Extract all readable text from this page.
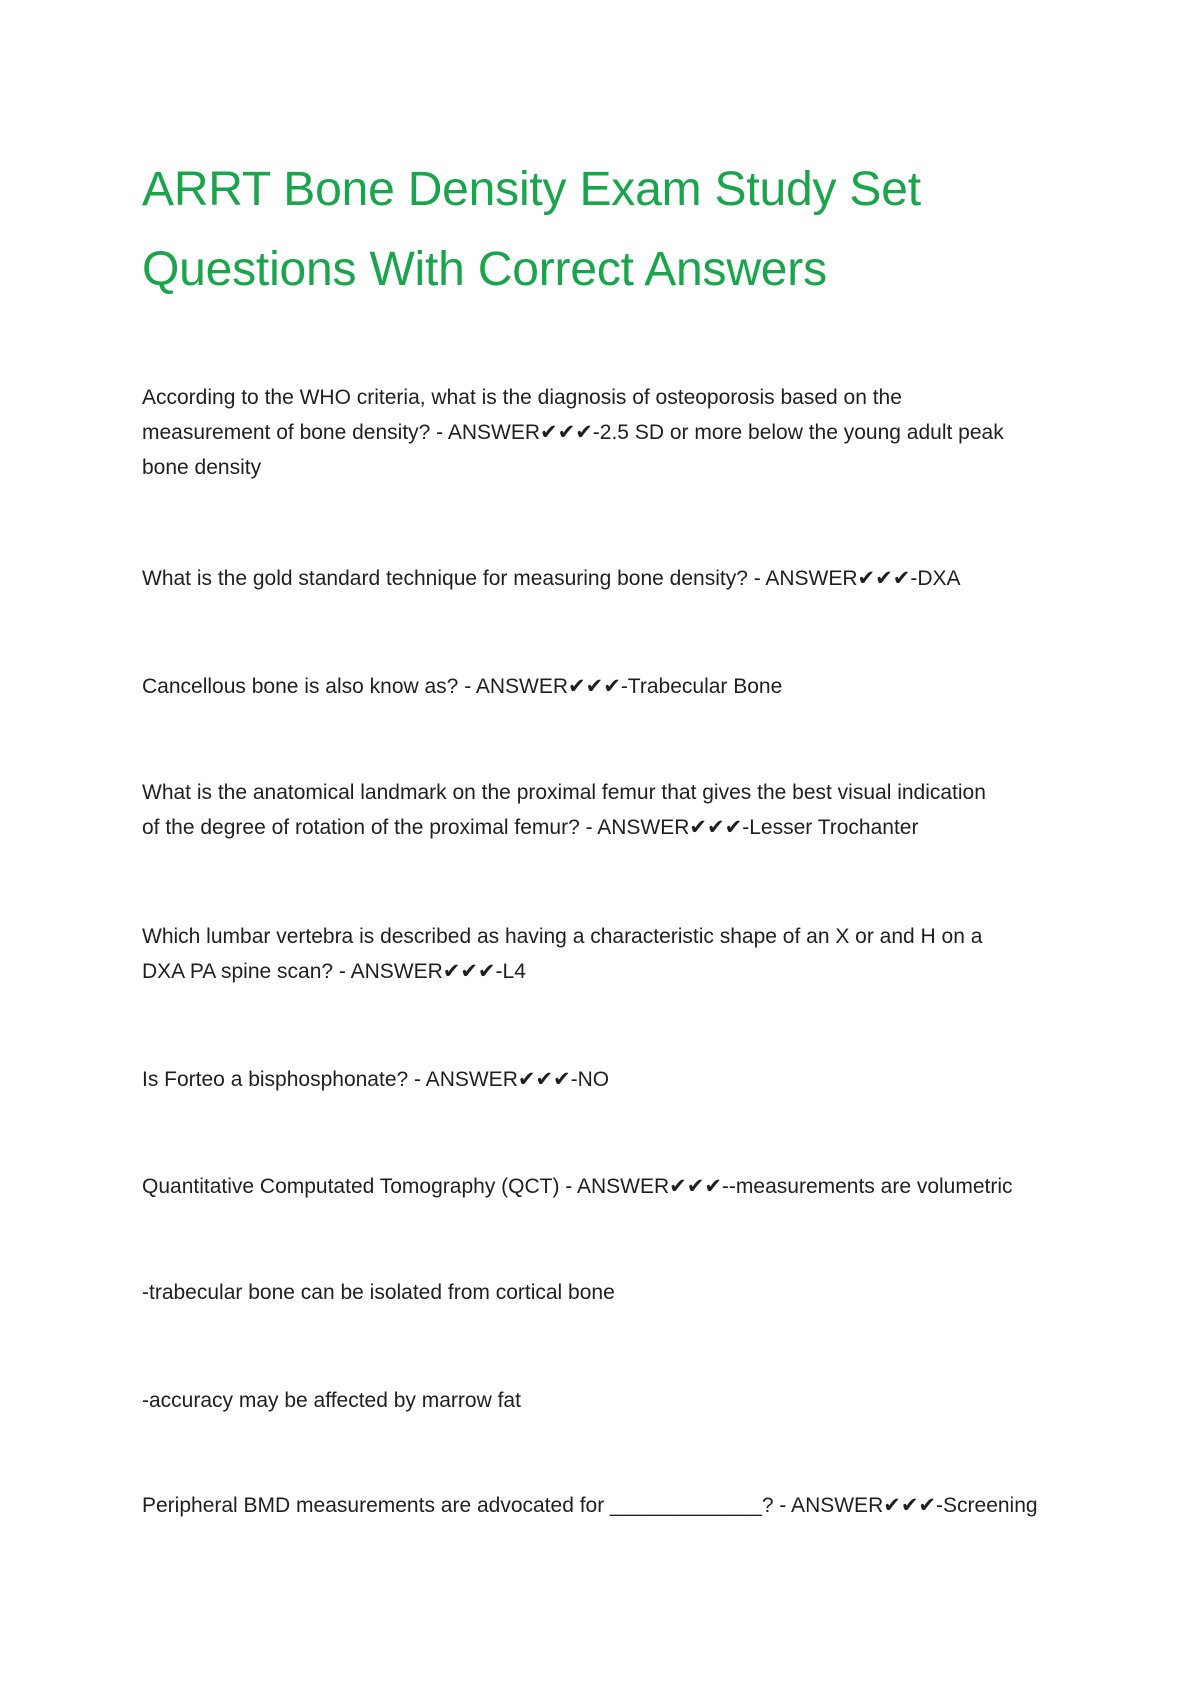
ARRT Bone Density Exam Study Set
Questions With Correct Answers

According to the WHO criteria, what is the diagnosis of osteoporosis based on the
measurement of bone density? - ANSWER✔✔✔-2.5 SD or more below the young adult peak
bone density

What is the gold standard technique for measuring bone density? - ANSWER✔✔✔-DXA

Cancellous bone is also know as? - ANSWER✔✔✔-Trabecular Bone

What is the anatomical landmark on the proximal femur that gives the best visual indication
of the degree of rotation of the proximal femur? - ANSWER✔✔✔-Lesser Trochanter

Which lumbar vertebra is described as having a characteristic shape of an X or and H on a
DXA PA spine scan? - ANSWER✔✔✔-L4

Is Forteo a bisphosphonate? - ANSWER✔✔✔-NO

Quantitative Computated Tomography (QCT) - ANSWER✔✔✔--measurements are volumetric

-trabecular bone can be isolated from cortical bone

-accuracy may be affected by marrow fat

Peripheral BMD measurements are advocated for _____________? - ANSWER✔✔✔-Screening
